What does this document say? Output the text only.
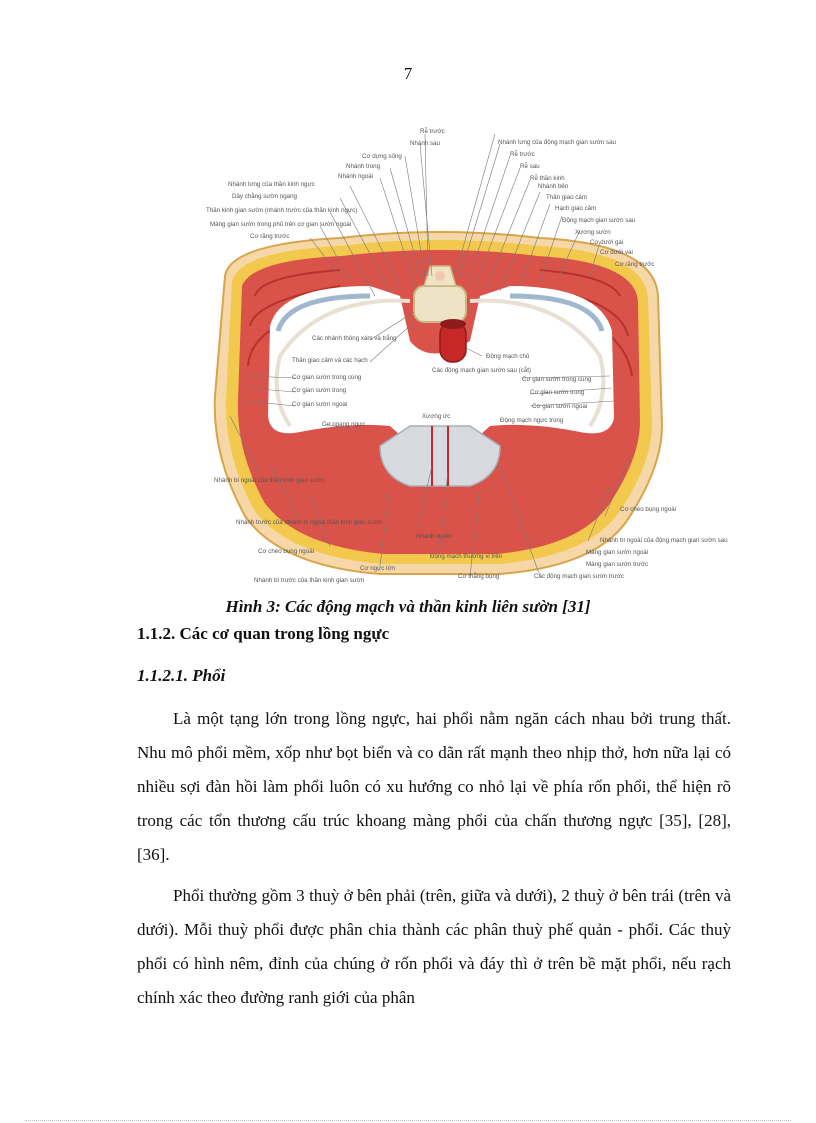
7
Rễ trước
Nhánh sau	Nhánh lưng của động mạch gian sườn sau
Rễ trước
Rễ sau
Rễ thần kinh
Nhánh bên
Thân giao cảm
Hạch giao cảm
Động mạch gian sườn sau
Xương sườn
Cơ dưới gai
Cơ dưới vai
Cơ răng trước
Nhánh lưng của thần kinh ngực
Dây chằng sườn ngang
Thần kinh gian sườn (nhánh trước của thần kinh ngực)
Màng gian sườn trong phủ trên cơ gian sườn ngoài
Cơ răng trước
Cơ dựng sống
Nhánh trong
Nhánh ngoài
Các nhánh thông xám và trắng
Thân giao cảm và các hạch
Các động mạch gian sườn sau (cắt)
Động mạch chủ
Xương ức
Động mạch ngực trong
Cơ gian sườn trong cùng
Cơ gian sườn trong
Cơ gian sườn ngoài
Cơ ngang ngực
Nhánh bì ngoài của thần kinh gian sườn
Nhánh trước của nhánh bì ngoài thần kinh gian sườn
Cơ chéo bụng ngoài
Cơ gian sườn trong cùng
Cơ gian sườn trong
Cơ gian sườn ngoài
Cơ chéo bụng ngoài
Nhánh bì ngoài của động mạch gian sườn sau
Nhánh xuyên
Động mạch thượng vị trên
Cơ ngực lớn
Nhánh bì trước của thần kinh gian sườn
Cơ thẳng bụng	Các động mạch gian sườn trước
Màng gian sườn ngoài
Màng gian sườn trước
Hình 3: Các động mạch và thần kinh liên sườn [31]
1.1.2. Các cơ quan trong lồng ngực
1.1.2.1. Phổi

Là một tạng lớn trong lồng ngực, hai phổi nằm ngăn cách nhau bởi trung thất. Nhu mô phổi mềm, xốp như bọt biển và co dãn rất mạnh theo nhịp thở, hơn nữa lại có nhiều sợi đàn hồi làm phổi luôn có xu hướng co nhỏ lại về phía rốn phổi, thể hiện rõ trong các tổn thương cấu trúc khoang màng phổi của chấn thương ngực [35], [28], [36].

Phổi thường gồm 3 thuỳ ở bên phải (trên, giữa và dưới), 2 thuỳ ở bên trái (trên và dưới). Mỗi thuỳ phổi được phân chia thành các phân thuỳ phế quản - phổi. Các thuỳ phổi có hình nêm, đỉnh của chúng ở rốn phổi và đáy thì ở trên bề mặt phổi, nếu rạch chính xác theo đường ranh giới của phân
